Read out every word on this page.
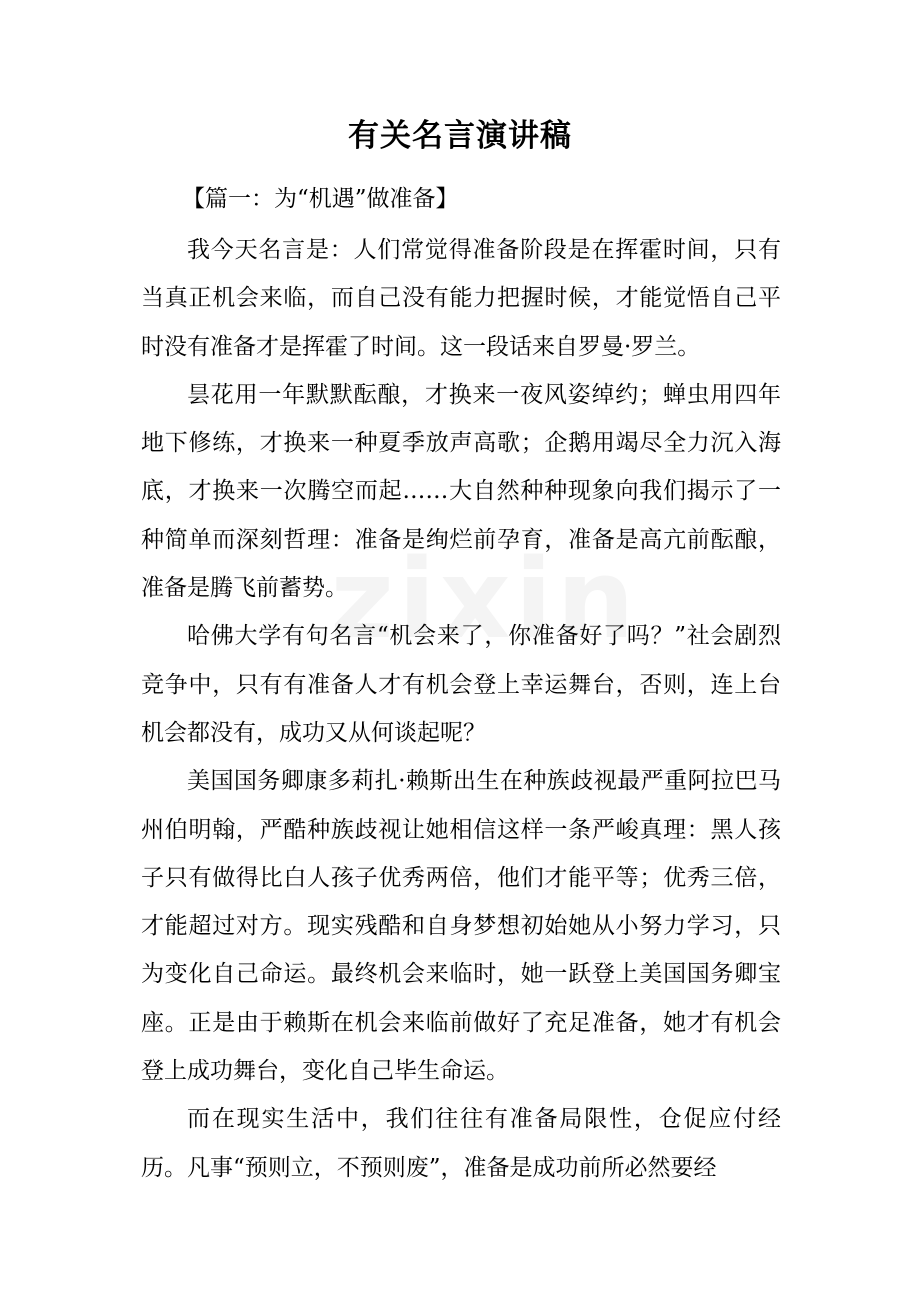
有关名言演讲稿
【篇一：为“机遇”做准备】

我今天名言是：人们常觉得准备阶段是在挥霍时间，只有当真正机会来临，而自己没有能力把握时候，才能觉悟自己平时没有准备才是挥霍了时间。这一段话来自罗曼·罗兰。

昙花用一年默默酝酿，才换来一夜风姿绰约；蝉虫用四年地下修练，才换来一种夏季放声高歌；企鹅用竭尽全力沉入海底，才换来一次腾空而起……大自然种种现象向我们揭示了一种简单而深刻哲理：准备是绚烂前孕育，准备是高亢前酝酿，准备是腾飞前蓄势。

哈佛大学有句名言“机会来了，你准备好了吗？”社会剧烈竞争中，只有有准备人才有机会登上幸运舞台，否则，连上台机会都没有，成功又从何谈起呢？

美国国务卿康多莉扎·赖斯出生在种族歧视最严重阿拉巴马州伯明翰，严酷种族歧视让她相信这样一条严峻真理：黑人孩子只有做得比白人孩子优秀两倍，他们才能平等；优秀三倍，才能超过对方。现实残酷和自身梦想初始她从小努力学习，只为变化自己命运。最终机会来临时，她一跃登上美国国务卿宝座。正是由于赖斯在机会来临前做好了充足准备，她才有机会登上成功舞台，变化自己毕生命运。

而在现实生活中，我们往往有准备局限性，仓促应付经历。凡事“预则立，不预则废”，准备是成功前所必然要经
